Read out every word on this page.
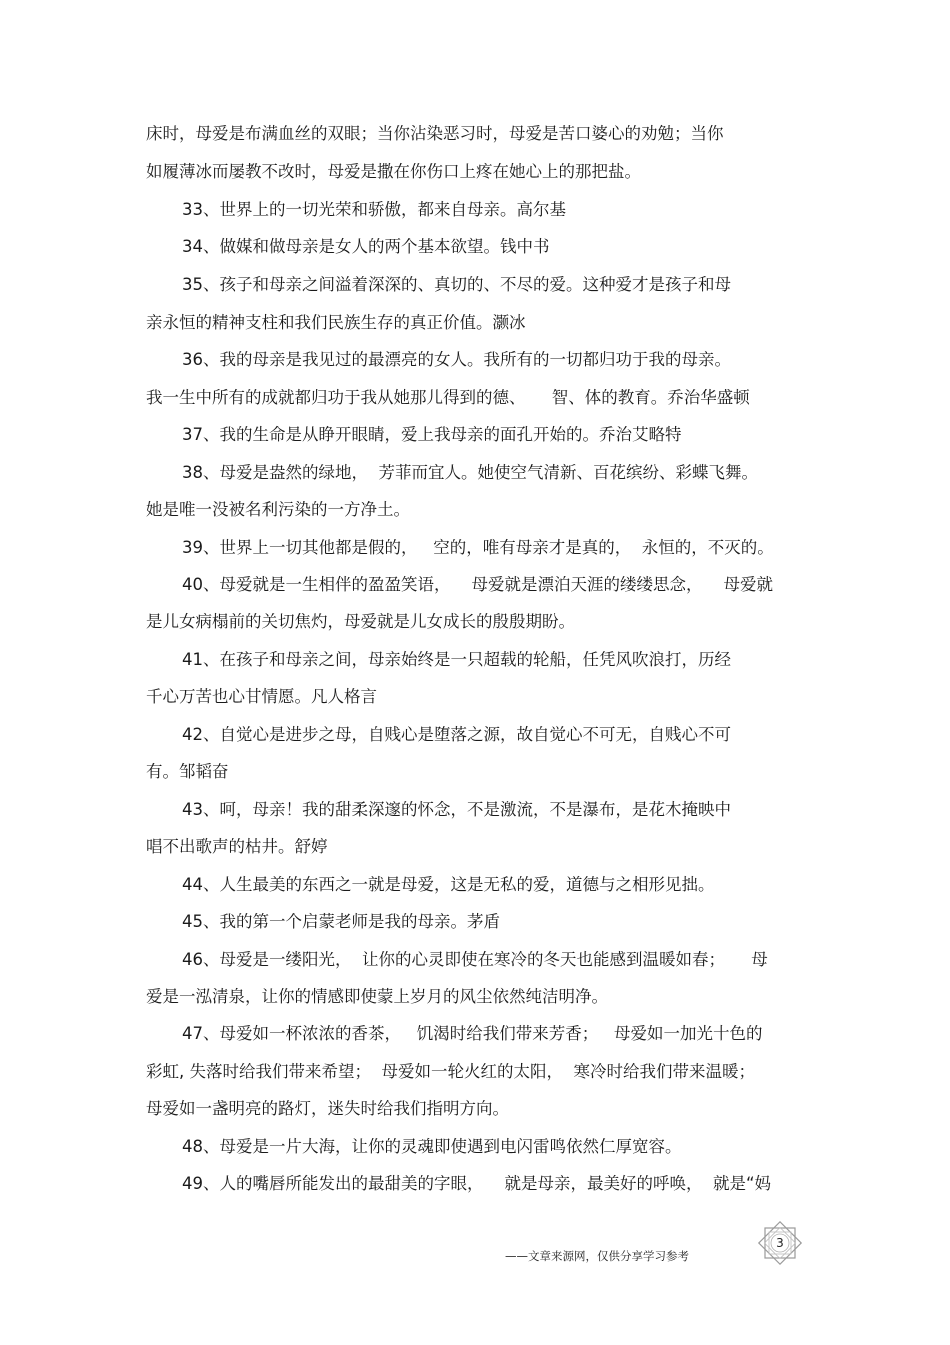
床时，母爱是布满血丝的双眼；当你沾染恶习时，母爱是苦口婆心的劝勉；当你
如履薄冰而屡教不改时，母爱是撒在你伤口上疼在她心上的那把盐。
33、世界上的一切光荣和骄傲，都来自母亲。高尔基
34、做媒和做母亲是女人的两个基本欲望。钱中书
35、孩子和母亲之间溢着深深的、真切的、不尽的爱。这种爱才是孩子和母
亲永恒的精神支柱和我们民族生存的真正价值。灏冰
36、我的母亲是我见过的最漂亮的女人。我所有的一切都归功于我的母亲。
我一生中所有的成就都归功于我从她那儿得到的德、     智、体的教育。乔治华盛顿
37、我的生命是从睁开眼睛，爱上我母亲的面孔开始的。乔治艾略特
38、母爱是盎然的绿地，  芳菲而宜人。她使空气清新、百花缤纷、彩蝶飞舞。
她是唯一没被名利污染的一方净土。
39、世界上一切其他都是假的，   空的，唯有母亲才是真的，  永恒的，不灭的。
40、母爱就是一生相伴的盈盈笑语，    母爱就是漂泊天涯的缕缕思念，    母爱就
是儿女病榻前的关切焦灼，母爱就是儿女成长的殷殷期盼。
41、在孩子和母亲之间，母亲始终是一只超载的轮船，任凭风吹浪打，历经
千心万苦也心甘情愿。凡人格言
42、自觉心是进步之母，自贱心是堕落之源，故自觉心不可无，自贱心不可
有。邹韬奋
43、呵，母亲！我的甜柔深邃的怀念，不是激流，不是瀑布，是花木掩映中
唱不出歌声的枯井。舒婷
44、人生最美的东西之一就是母爱，这是无私的爱，道德与之相形见拙。
45、我的第一个启蒙老师是我的母亲。茅盾
46、母爱是一缕阳光，  让你的心灵即使在寒冷的冬天也能感到温暖如春；     母
爱是一泓清泉，让你的情感即使蒙上岁月的风尘依然纯洁明净。
47、母爱如一杯浓浓的香茶，   饥渴时给我们带来芳香；   母爱如一加光十色的
彩虹, 失落时给我们带来希望；  母爱如一轮火红的太阳，  寒冷时给我们带来温暖；
母爱如一盏明亮的路灯，迷失时给我们指明方向。
48、母爱是一片大海，让你的灵魂即使遇到电闪雷鸣依然仁厚宽容。
49、人的嘴唇所能发出的最甜美的字眼，    就是母亲，最美好的呼唤，  就是“妈
——文章来源网，仅供分享学习参考
3
